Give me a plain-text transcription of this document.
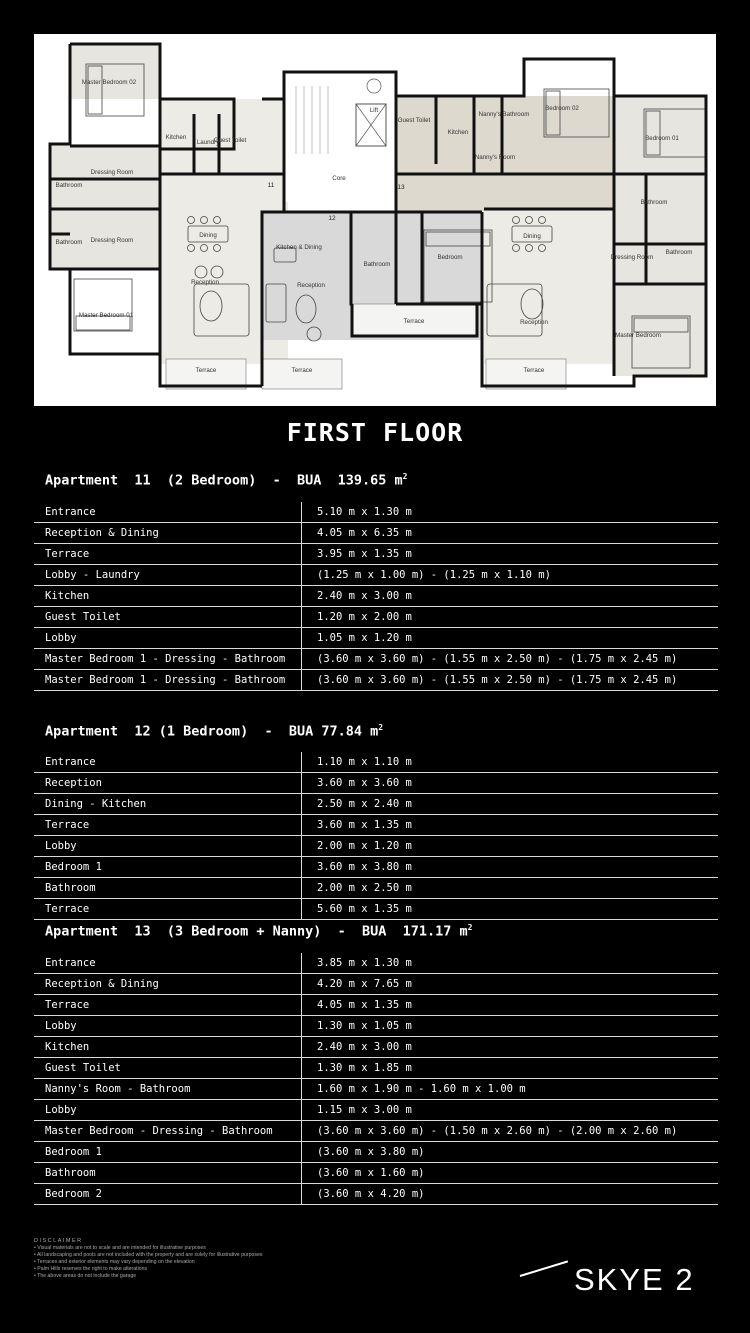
Master Bedroom 02
Kitchen
Laundry
Guest Toilet
Dressing Room
Bathroom
Bathroom Dressing Room
Master Bedroom 01
Dining
Reception
Terrace
Kitchen & Dining
Reception
Terrace
Lift
Core
Bathroom
Bedroom
Terrace
Guest Toilet
Kitchen
Nanny's Bathroom
Nanny's Room
Bedroom 02
Bedroom 01
Bathroom
Dining
Reception
Terrace
Dressing Room
Bathroom
Master Bedroom
11
12
13
FIRST FLOOR
Apartment  11  (2 Bedroom)  -  BUA  139.65 $m^2$
Entrance	5.10 m x 1.30 m
Reception & Dining	4.05 m x 6.35 m
Terrace	3.95 m x 1.35 m
Lobby - Laundry	(1.25 m x 1.00 m) - (1.25 m x 1.10 m)
Kitchen	2.40 m x 3.00 m
Guest Toilet	1.20 m x 2.00 m
Lobby	1.05 m x 1.20 m
Master Bedroom 1 - Dressing - Bathroom	(3.60 m x 3.60 m) - (1.55 m x 2.50 m) - (1.75 m x 2.45 m)
Master Bedroom 1 - Dressing - Bathroom	(3.60 m x 3.60 m) - (1.55 m x 2.50 m) - (1.75 m x 2.45 m)
Apartment  12 (1 Bedroom)  -  BUA 77.84 $m^2$
Entrance	1.10 m x 1.10 m
Reception	3.60 m x 3.60 m
Dining - Kitchen	2.50 m x 2.40 m
Terrace	3.60 m x 1.35 m
Lobby	2.00 m x 1.20 m
Bedroom 1	3.60 m x 3.80 m
Bathroom	2.00 m x 2.50 m
Terrace	5.60 m x 1.35 m
Apartment  13  (3 Bedroom + Nanny)  -  BUA  171.17 $m^2$
Entrance	3.85 m x 1.30 m
Reception & Dining	4.20 m x 7.65 m
Terrace	4.05 m x 1.35 m
Lobby	1.30 m x 1.05 m
Kitchen	2.40 m x 3.00 m
Guest Toilet	1.30 m x 1.85 m
Nanny's Room - Bathroom	1.60 m x 1.90 m - 1.60 m x 1.00 m
Lobby	1.15 m x 3.00 m
Master Bedroom - Dressing - Bathroom	(3.60 m x 3.60 m) - (1.50 m x 2.60 m) - (2.00 m x 2.60 m)
Bedroom 1	(3.60 m x 3.80 m)
Bathroom	(3.60 m x 1.60 m)
Bedroom 2	(3.60 m x 4.20 m)
DISCLAIMER
• Visual materials are not to scale and are intended for illustrative purposes
• All landscaping and pools are not included with the property and are solely for illustrative purposes
• Terraces and exterior elements may vary depending on the elevation
• Palm Hills reserves the right to make alterations
• The above areas do not include the garage	SKYE 2
